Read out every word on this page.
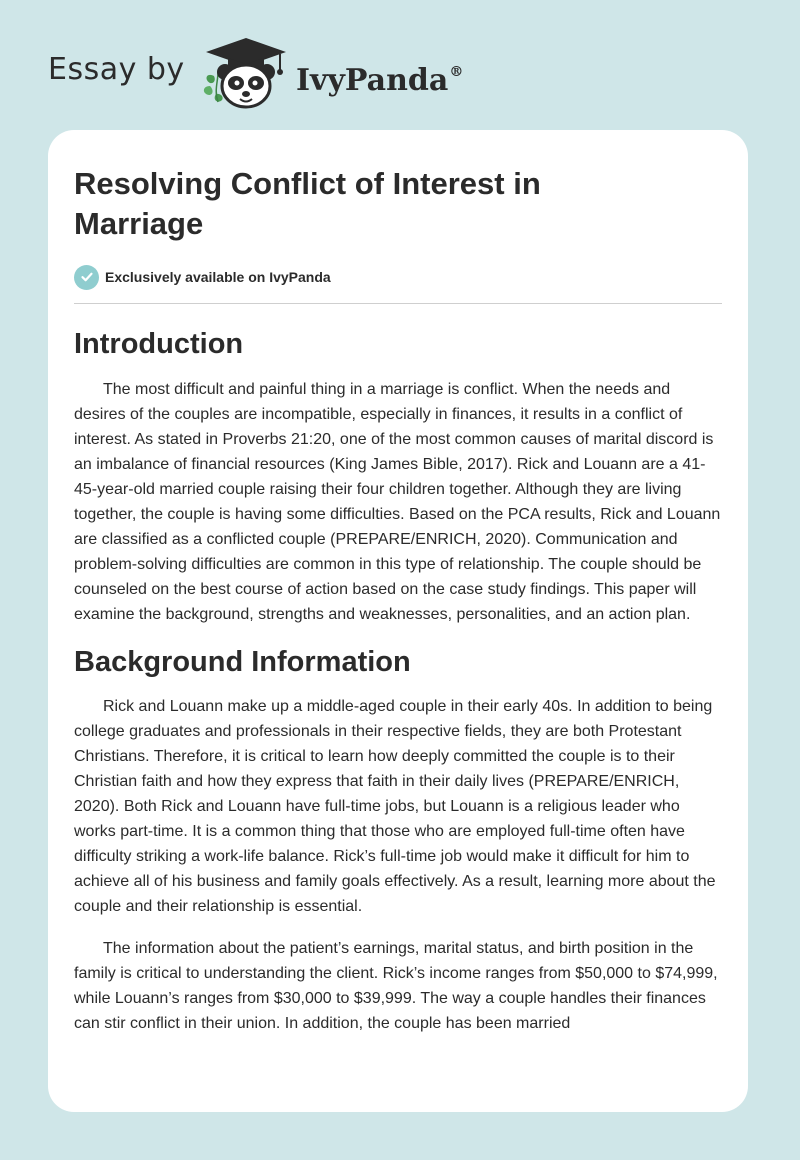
Essay by	IvyPanda®
Resolving Conflict of Interest in Marriage
Exclusively available on IvyPanda
Introduction

The most difficult and painful thing in a marriage is conflict. When the needs and desires of the couples are incompatible, especially in finances, it results in a conflict of interest. As stated in Proverbs 21:20, one of the most common causes of marital discord is an imbalance of financial resources (King James Bible, 2017). Rick and Louann are a 41-45-year-old married couple raising their four children together. Although they are living together, the couple is having some difficulties. Based on the PCA results, Rick and Louann are classified as a conflicted couple (PREPARE/ENRICH, 2020). Communication and problem-solving difficulties are common in this type of relationship. The couple should be counseled on the best course of action based on the case study findings. This paper will examine the background, strengths and weaknesses, personalities, and an action plan.

Background Information

Rick and Louann make up a middle-aged couple in their early 40s. In addition to being college graduates and professionals in their respective fields, they are both Protestant Christians. Therefore, it is critical to learn how deeply committed the couple is to their Christian faith and how they express that faith in their daily lives (PREPARE/ENRICH, 2020). Both Rick and Louann have full-time jobs, but Louann is a religious leader who works part-time. It is a common thing that those who are employed full-time often have difficulty striking a work-life balance. Rick’s full-time job would make it difficult for him to achieve all of his business and family goals effectively. As a result, learning more about the couple and their relationship is essential.

The information about the patient’s earnings, marital status, and birth position in the family is critical to understanding the client. Rick’s income ranges from $50,000 to $74,999, while Louann’s ranges from $30,000 to $39,999. The way a couple handles their finances can stir conflict in their union. In addition, the couple has been married
